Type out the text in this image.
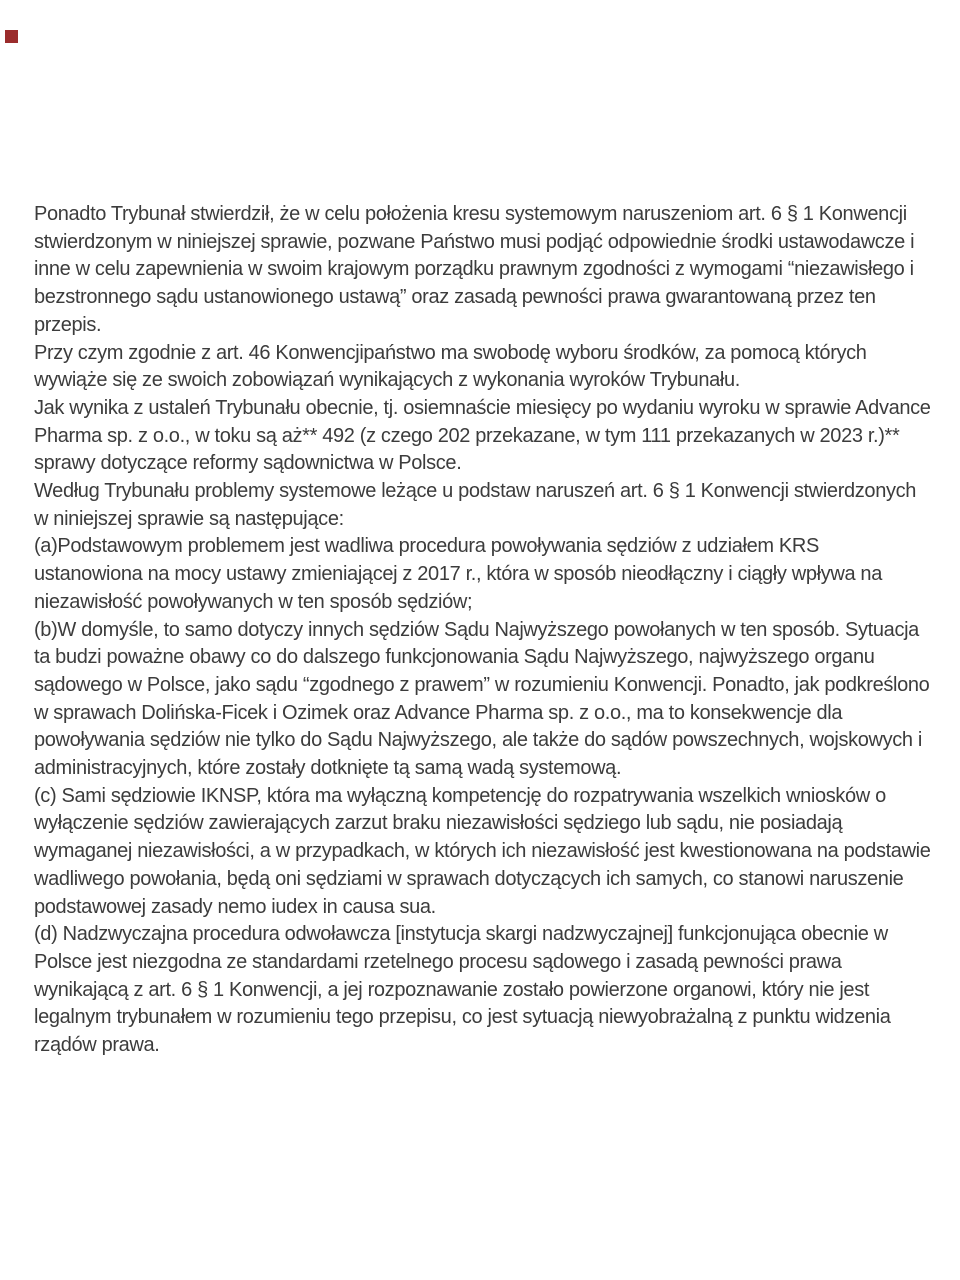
Ponadto Trybunał stwierdził, że w celu położenia kresu systemowym naruszeniom art. 6 § 1 Konwencji stwierdzonym w niniejszej sprawie, pozwane Państwo musi podjąć odpowiednie środki ustawodawcze i inne w celu zapewnienia w swoim krajowym porządku prawnym zgodności z wymogami “niezawisłego i bezstronnego sądu ustanowionego ustawą” oraz zasadą pewności prawa gwarantowaną przez ten przepis.

Przy czym zgodnie z art. 46 Konwencjipaństwo ma swobodę wyboru środków, za pomocą których wywiąże się ze swoich zobowiązań wynikających z wykonania wyroków Trybunału.

Jak wynika z ustaleń Trybunału obecnie, tj. osiemnaście miesięcy po wydaniu wyroku w sprawie Advance Pharma sp. z o.o., w toku są aż** 492 (z czego 202 przekazane, w tym 111 przekazanych w 2023 r.)** sprawy dotyczące reformy sądownictwa w Polsce.

Według Trybunału problemy systemowe leżące u podstaw naruszeń art. 6 § 1 Konwencji stwierdzonych w niniejszej sprawie są następujące:

(a)Podstawowym problemem jest wadliwa procedura powoływania sędziów z udziałem KRS ustanowiona na mocy ustawy zmieniającej z 2017 r., która w sposób nieodłączny i ciągły wpływa na niezawisłość powoływanych w ten sposób sędziów;

(b)W domyśle, to samo dotyczy innych sędziów Sądu Najwyższego powołanych w ten sposób. Sytuacja ta budzi poważne obawy co do dalszego funkcjonowania Sądu Najwyższego, najwyższego organu sądowego w Polsce, jako sądu “zgodnego z prawem” w rozumieniu Konwencji. Ponadto, jak podkreślono w sprawach Dolińska-Ficek i Ozimek oraz Advance Pharma sp. z o.o., ma to konsekwencje dla powoływania sędziów nie tylko do Sądu Najwyższego, ale także do sądów powszechnych, wojskowych i administracyjnych, które zostały dotknięte tą samą wadą systemową.

(c) Sami sędziowie IKNSP, która ma wyłączną kompetencję do rozpatrywania wszelkich wniosków o wyłączenie sędziów zawierających zarzut braku niezawisłości sędziego lub sądu, nie posiadają wymaganej niezawisłości, a w przypadkach, w których ich niezawisłość jest kwestionowana na podstawie wadliwego powołania, będą oni sędziami w sprawach dotyczących ich samych, co stanowi naruszenie podstawowej zasady nemo iudex in causa sua.

(d) Nadzwyczajna procedura odwoławcza [instytucja skargi nadzwyczajnej] funkcjonująca obecnie w Polsce jest niezgodna ze standardami rzetelnego procesu sądowego i zasadą pewności prawa wynikającą z art. 6 § 1 Konwencji, a jej rozpoznawanie zostało powierzone organowi, który nie jest legalnym trybunałem w rozumieniu tego przepisu, co jest sytuacją niewyobrażalną z punktu widzenia rządów prawa.
